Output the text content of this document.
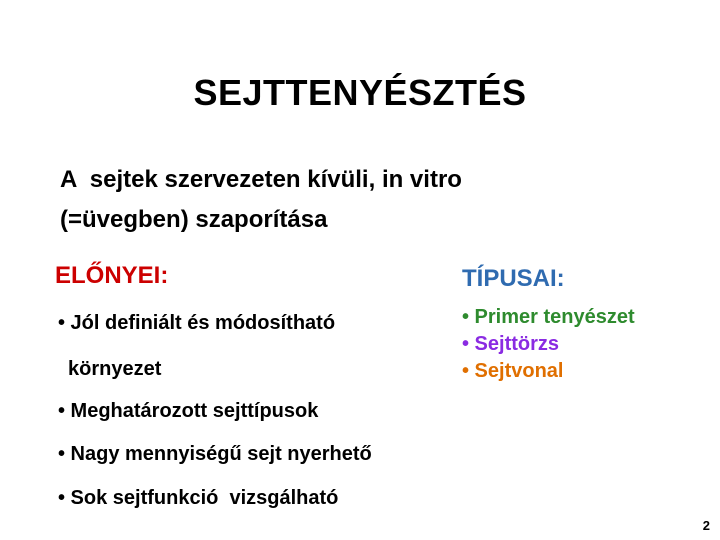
SEJTTENYÉSZTÉS
A  sejtek szervezeten kívüli, in vitro
(=üvegben) szaporítása
ELŐNYEI:	TÍPUSAI:
• Jól definiált és módosítható
környezet
• Meghatározott sejttípusok
• Nagy mennyiségű sejt nyerhető
• Sok sejtfunkció  vizsgálható
• Primer tenyészet
• Sejttörzs
• Sejtvonal
2
